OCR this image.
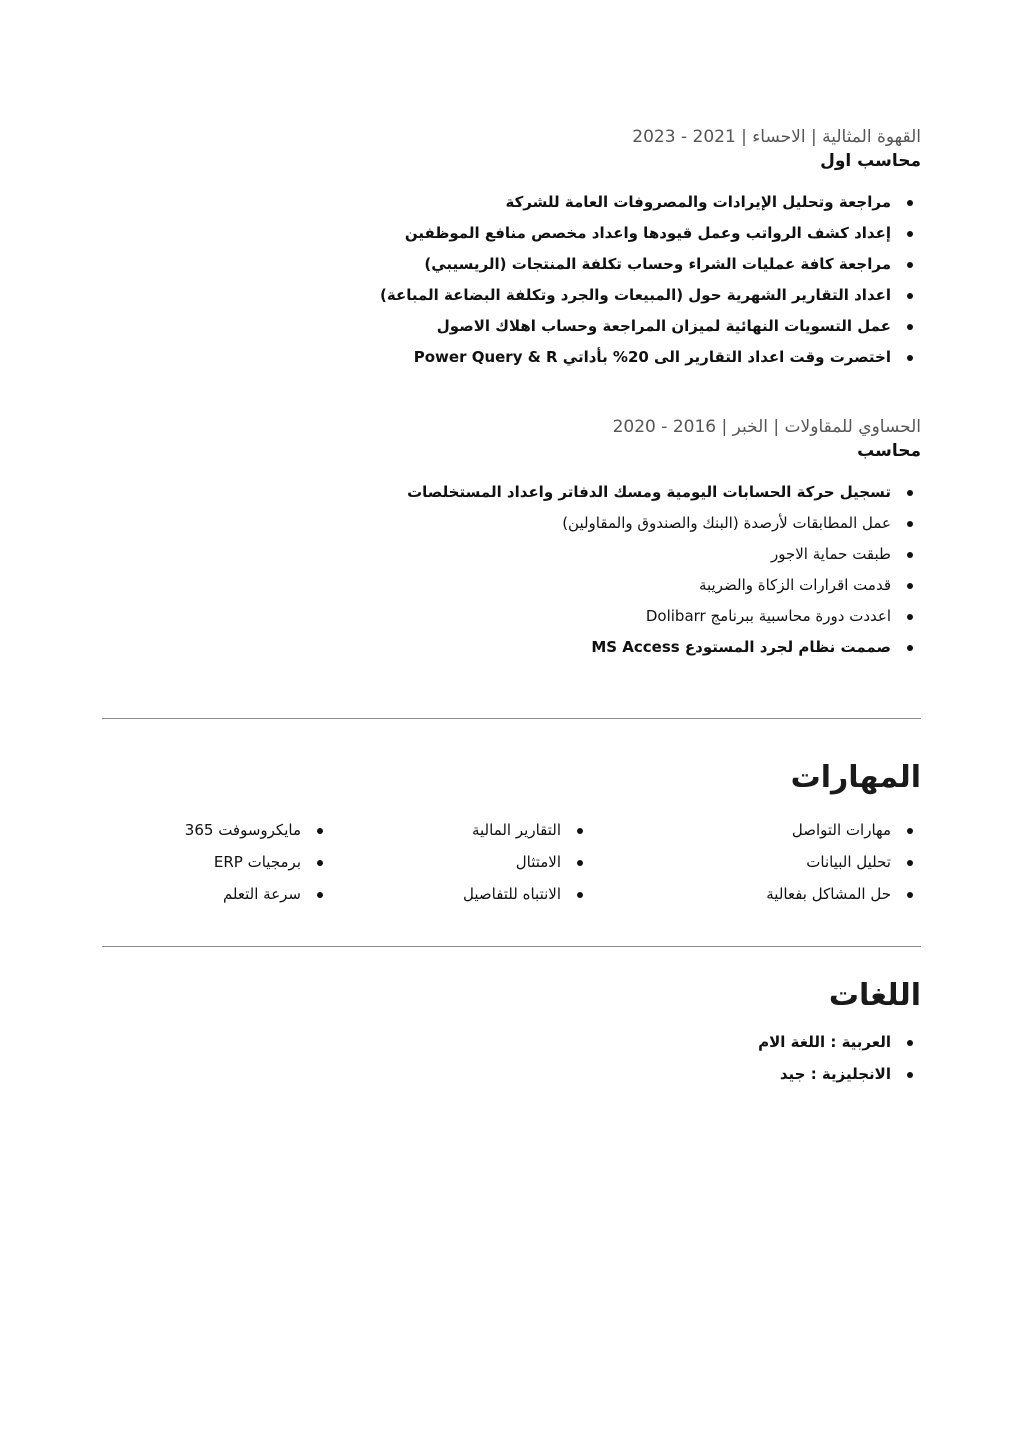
القهوة المثالية | الاحساء | 2021 - 2023
محاسب اول
مراجعة وتحليل الإيرادات والمصروفات العامة للشركة
إعداد كشف الرواتب وعمل قيودها واعداد مخصص منافع الموظفين
مراجعة كافة عمليات الشراء وحساب تكلفة المنتجات (الريسيبي)
اعداد التقارير الشهرية حول (المبيعات والجرد وتكلفة البضاعة المباعة)
عمل التسويات النهائية لميزان المراجعة وحساب اهلاك الاصول
اختصرت وقت اعداد التقارير الى 20% بأداتي Power Query & R
الحساوي للمقاولات | الخبر | 2016 - 2020
محاسب
تسجيل حركة الحسابات اليومية ومسك الدفاتر واعداد المستخلصات
عمل المطابقات لأرصدة (البنك والصندوق والمقاولين)
طبقت حماية الاجور
قدمت اقرارات الزكاة والضريبة
اعددت دورة محاسبية ببرنامج Dolibarr
صممت نظام لجرد المستودع MS Access
المهارات
مهارات التواصل
تحليل البيانات
حل المشاكل بفعالية
التقارير المالية
الامتثال
الانتباه للتفاصيل
مايكروسوفت 365
برمجيات ERP
سرعة التعلم
اللغات
العربية : اللغة الام
الانجليزية : جيد
